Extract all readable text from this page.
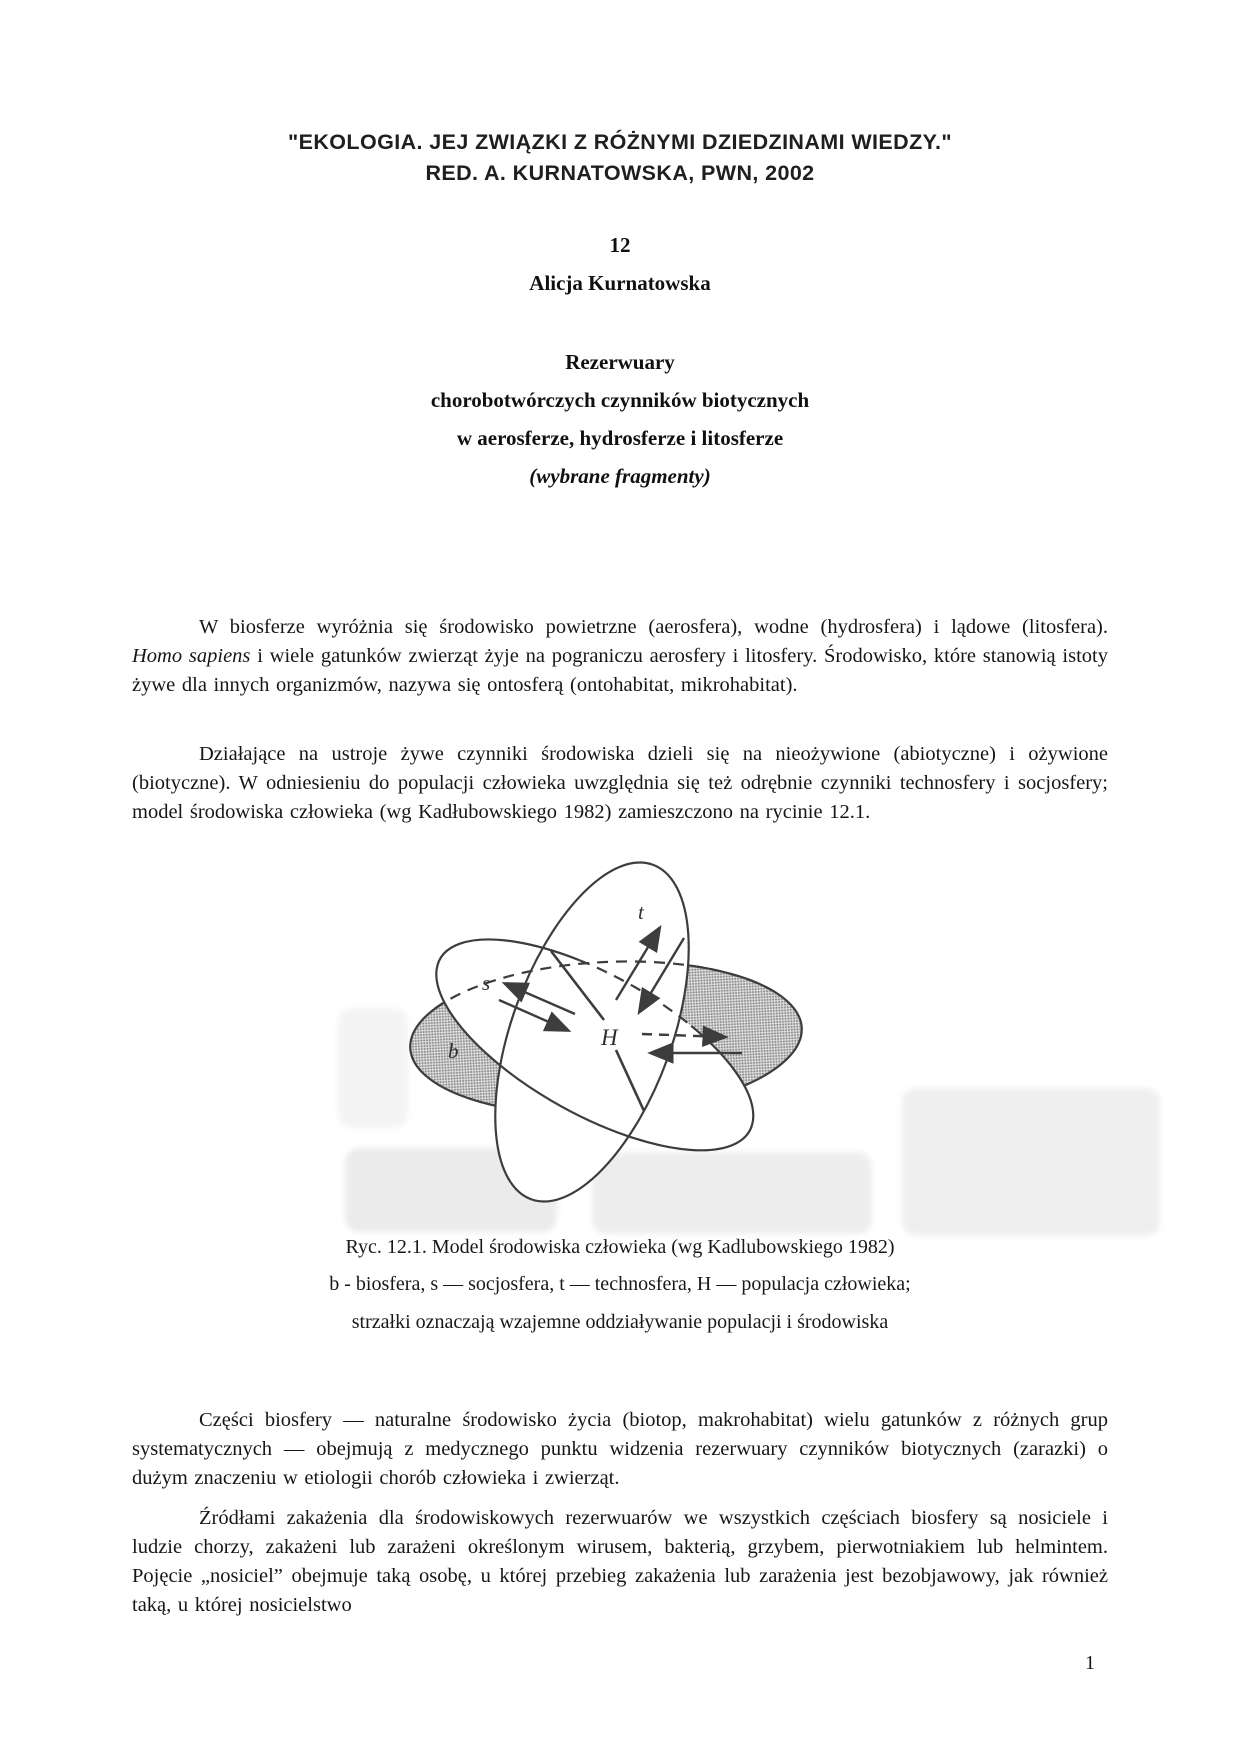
"EKOLOGIA. JEJ ZWIĄZKI Z RÓŻNYMI DZIEDZINAMI WIEDZY."
RED. A. KURNATOWSKA, PWN, 2002
12
Alicja Kurnatowska
Rezerwuary
chorobotwórczych czynników biotycznych
w aerosferze, hydrosferze i litosferze
(wybrane fragmenty)

W biosferze wyróżnia się środowisko powietrzne (aerosfera), wodne (hydrosfera) i lądowe (litosfera). Homo sapiens i wiele gatunków zwierząt żyje na pograniczu aerosfery i litosfery. Środowisko, które stanowią istoty żywe dla innych organizmów, nazywa się ontosferą (ontohabitat, mikrohabitat).

Działające na ustroje żywe czynniki środowiska dzieli się na nieożywione (abiotyczne) i ożywione (biotyczne). W odniesieniu do populacji człowieka uwzględnia się też odrębnie czynniki technosfery i socjosfery; model środowiska człowieka (wg Kadłubowskiego 1982) zamieszczono na rycinie 12.1.

t
s
b
H
Ryc. 12.1. Model środowiska człowieka (wg Kadlubowskiego 1982)
b - biosfera, s — socjosfera, t — technosfera, H — populacja człowieka;
strzałki oznaczają wzajemne oddziaływanie populacji i środowiska

Części biosfery — naturalne środowisko życia (biotop, makrohabitat) wielu gatunków z różnych grup systematycznych — obejmują z medycznego punktu widzenia rezerwuary czynników biotycznych (zarazki) o dużym znaczeniu w etiologii chorób człowieka i zwierząt.

Źródłami zakażenia dla środowiskowych rezerwuarów we wszystkich częściach biosfery są nosiciele i ludzie chorzy, zakażeni lub zarażeni określonym wirusem, bakterią, grzybem, pierwotniakiem lub helmintem. Pojęcie „nosiciel” obejmuje taką osobę, u której przebieg zakażenia lub zarażenia jest bezobjawowy, jak również taką, u której nosicielstwo

1
